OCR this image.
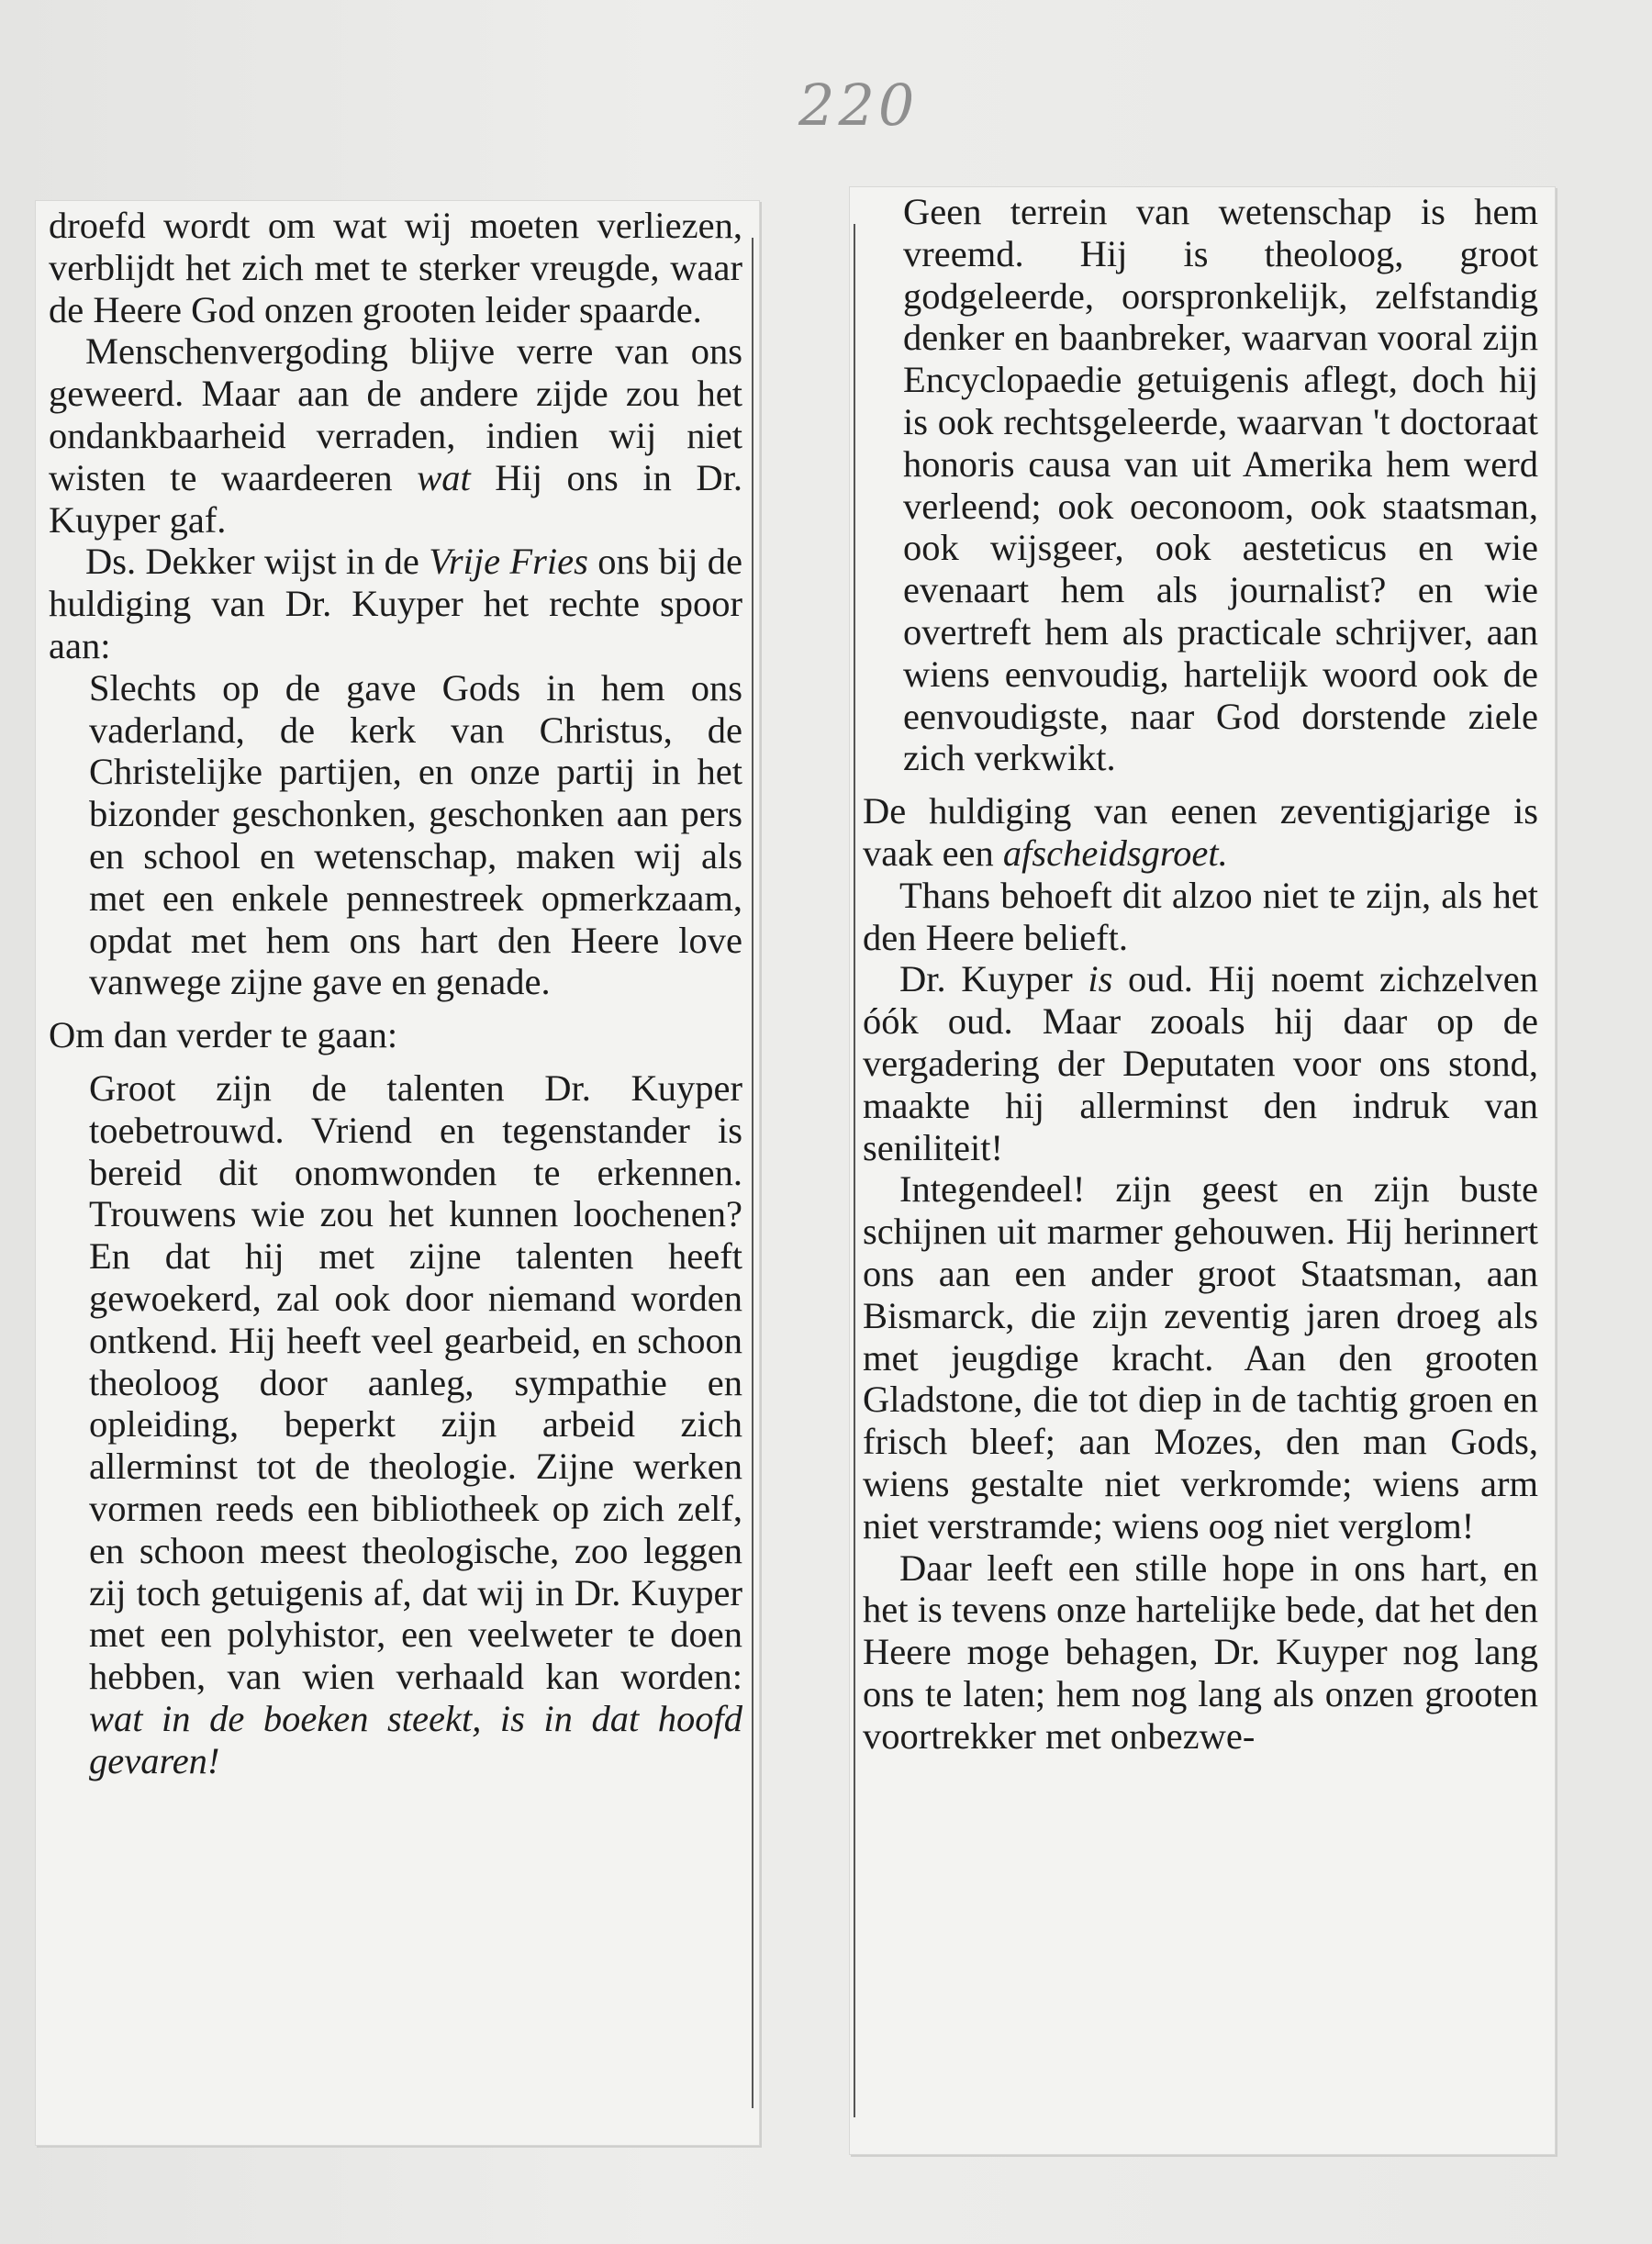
220

droefd wordt om wat wij moeten verliezen, verblijdt het zich met te sterker vreugde, waar de Heere God onzen grooten leider spaarde.

Menschenvergoding blijve verre van ons geweerd. Maar aan de andere zijde zou het ondankbaarheid verraden, indien wij niet wisten te waardeeren wat Hij ons in Dr. Kuyper gaf.

Ds. Dekker wijst in de Vrije Fries ons bij de huldiging van Dr. Kuyper het rechte spoor aan:

Slechts op de gave Gods in hem ons vaderland, de kerk van Christus, de Christelijke partijen, en onze partij in het bizonder geschonken, geschonken aan pers en school en wetenschap, maken wij als met een enkele pennestreek opmerkzaam, opdat met hem ons hart den Heere love vanwege zijne gave en genade.

Om dan verder te gaan:

Groot zijn de talenten Dr. Kuyper toebetrouwd. Vriend en tegenstander is bereid dit onomwonden te erkennen. Trouwens wie zou het kunnen loochenen? En dat hij met zijne talenten heeft gewoekerd, zal ook door niemand worden ontkend. Hij heeft veel gearbeid, en schoon theoloog door aanleg, sympathie en opleiding, beperkt zijn arbeid zich allerminst tot de theologie. Zijne werken vormen reeds een bibliotheek op zich zelf, en schoon meest theologische, zoo leggen zij toch getuigenis af, dat wij in Dr. Kuyper met een polyhistor, een veelweter te doen hebben, van wien verhaald kan worden: wat in de boeken steekt, is in dat hoofd gevaren!

Geen terrein van wetenschap is hem vreemd. Hij is theoloog, groot godgeleerde, oorspronkelijk, zelfstandig denker en baanbreker, waarvan vooral zijn Encyclopaedie getuigenis aflegt, doch hij is ook rechtsgeleerde, waarvan 't doctoraat honoris causa van uit Amerika hem werd verleend; ook oeconoom, ook staatsman, ook wijsgeer, ook aesteticus en wie evenaart hem als journalist? en wie overtreft hem als practicale schrijver, aan wiens eenvoudig, hartelijk woord ook de eenvoudigste, naar God dorstende ziele zich verkwikt.

De huldiging van eenen zeventigjarige is vaak een afscheidsgroet.

Thans behoeft dit alzoo niet te zijn, als het den Heere belieft.

Dr. Kuyper is oud. Hij noemt zichzelven óók oud. Maar zooals hij daar op de vergadering der Deputaten voor ons stond, maakte hij allerminst den indruk van seniliteit!

Integendeel! zijn geest en zijn buste schijnen uit marmer gehouwen. Hij herinnert ons aan een ander groot Staatsman, aan Bismarck, die zijn zeventig jaren droeg als met jeugdige kracht. Aan den grooten Gladstone, die tot diep in de tachtig groen en frisch bleef; aan Mozes, den man Gods, wiens gestalte niet verkromde; wiens arm niet verstramde; wiens oog niet verglom!

Daar leeft een stille hope in ons hart, en het is tevens onze hartelijke bede, dat het den Heere moge behagen, Dr. Kuyper nog lang ons te laten; hem nog lang als onzen grooten voortrekker met onbezwe-
